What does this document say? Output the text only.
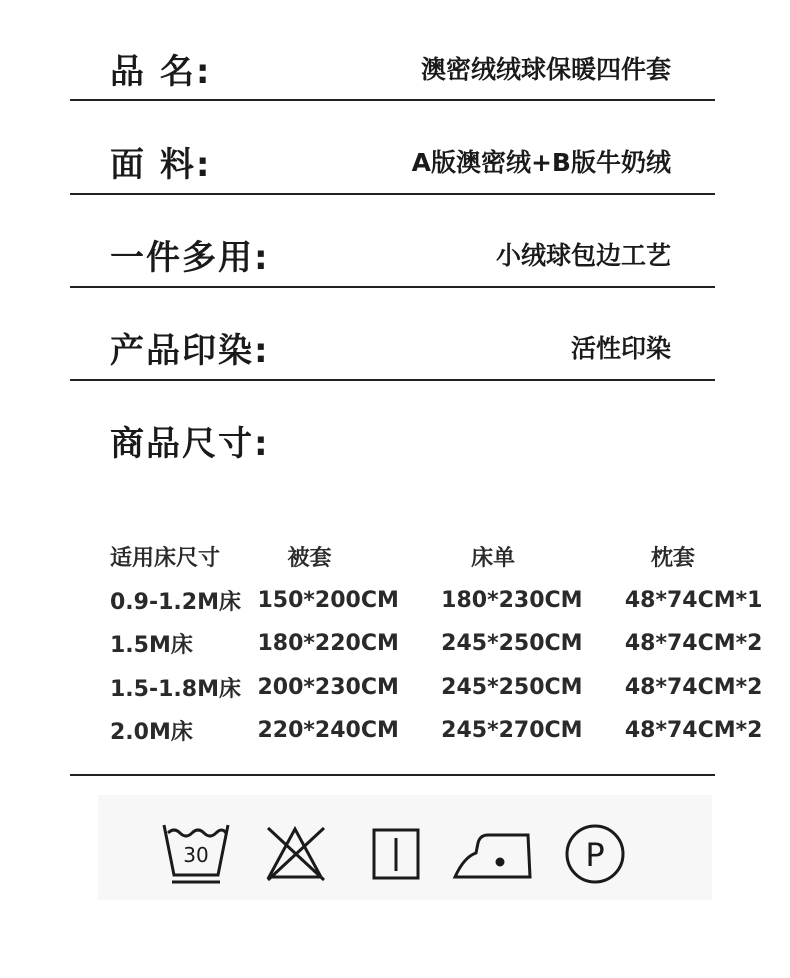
品 名:	澳密绒绒球保暖四件套
面 料:	A版澳密绒+B版牛奶绒
一件多用:	小绒球包边工艺
产品印染:	活性印染
商品尺寸:
适用床尺寸	被套	床单	枕套
0.9-1.2M床	150*200CM	180*230CM	48*74CM*1
1.5M床	180*220CM	245*250CM	48*74CM*2
1.5-1.8M床	200*230CM	245*250CM	48*74CM*2
2.0M床	220*240CM	245*270CM	48*74CM*2
30	P
